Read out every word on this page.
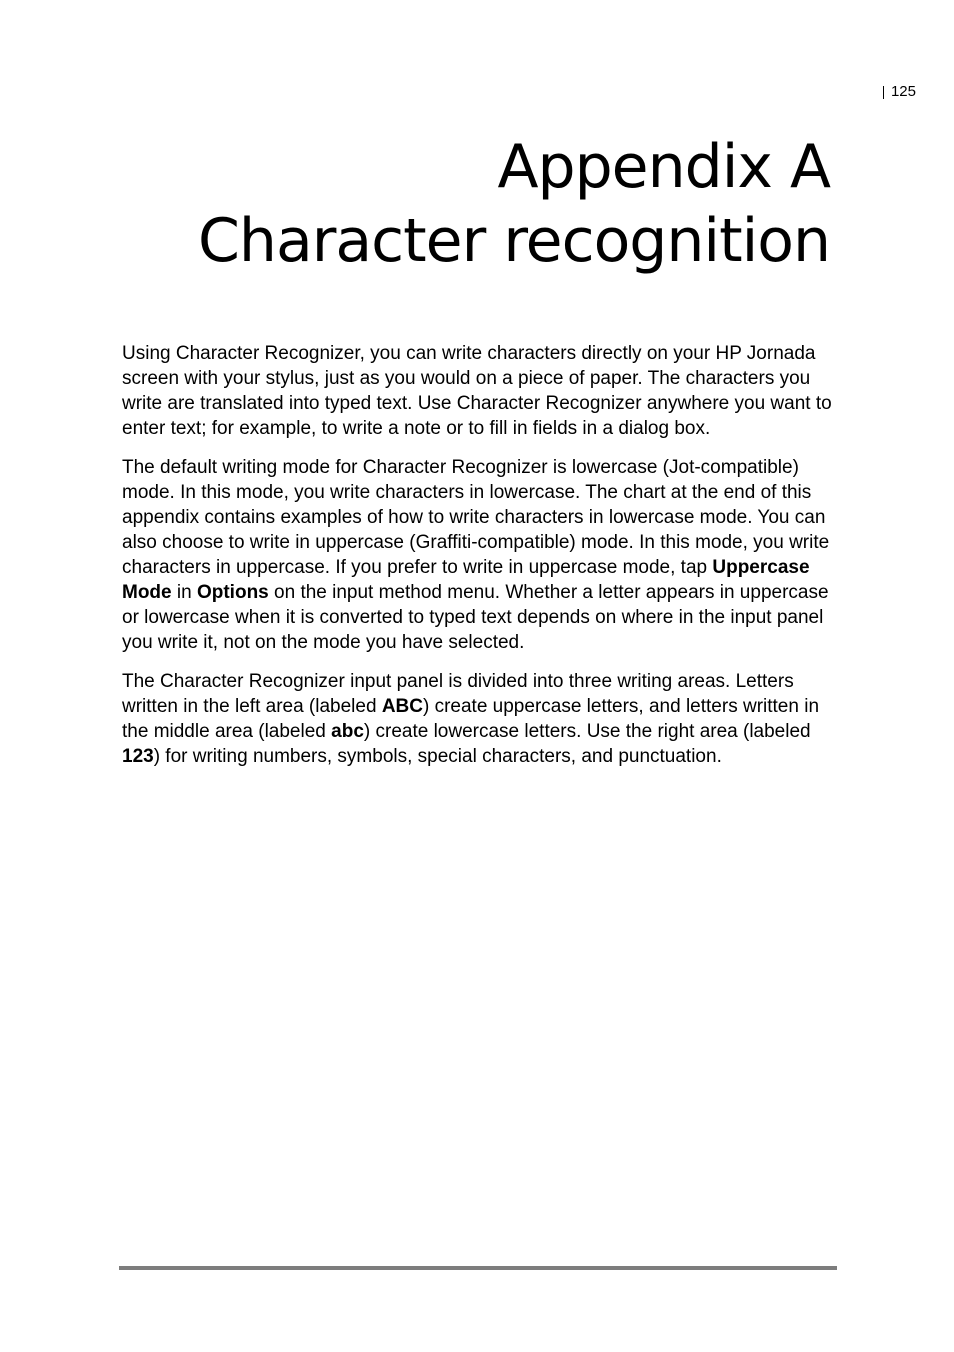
125
Appendix A
Character recognition

Using Character Recognizer, you can write characters directly on your HP Jornada screen with your stylus, just as you would on a piece of paper. The characters you write are translated into typed text. Use Character Recognizer anywhere you want to enter text; for example, to write a note or to fill in fields in a dialog box.

The default writing mode for Character Recognizer is lowercase (Jot-compatible) mode. In this mode, you write characters in lowercase. The chart at the end of this appendix contains examples of how to write characters in lowercase mode. You can also choose to write in uppercase (Graffiti-compatible) mode. In this mode, you write characters in uppercase. If you prefer to write in uppercase mode, tap Uppercase Mode in Options on the input method menu. Whether a letter appears in uppercase or lowercase when it is converted to typed text depends on where in the input panel you write it, not on the mode you have selected.

The Character Recognizer input panel is divided into three writing areas. Letters written in the left area (labeled ABC) create uppercase letters, and letters written in the middle area (labeled abc) create lowercase letters. Use the right area (labeled 123) for writing numbers, symbols, special characters, and punctuation.
